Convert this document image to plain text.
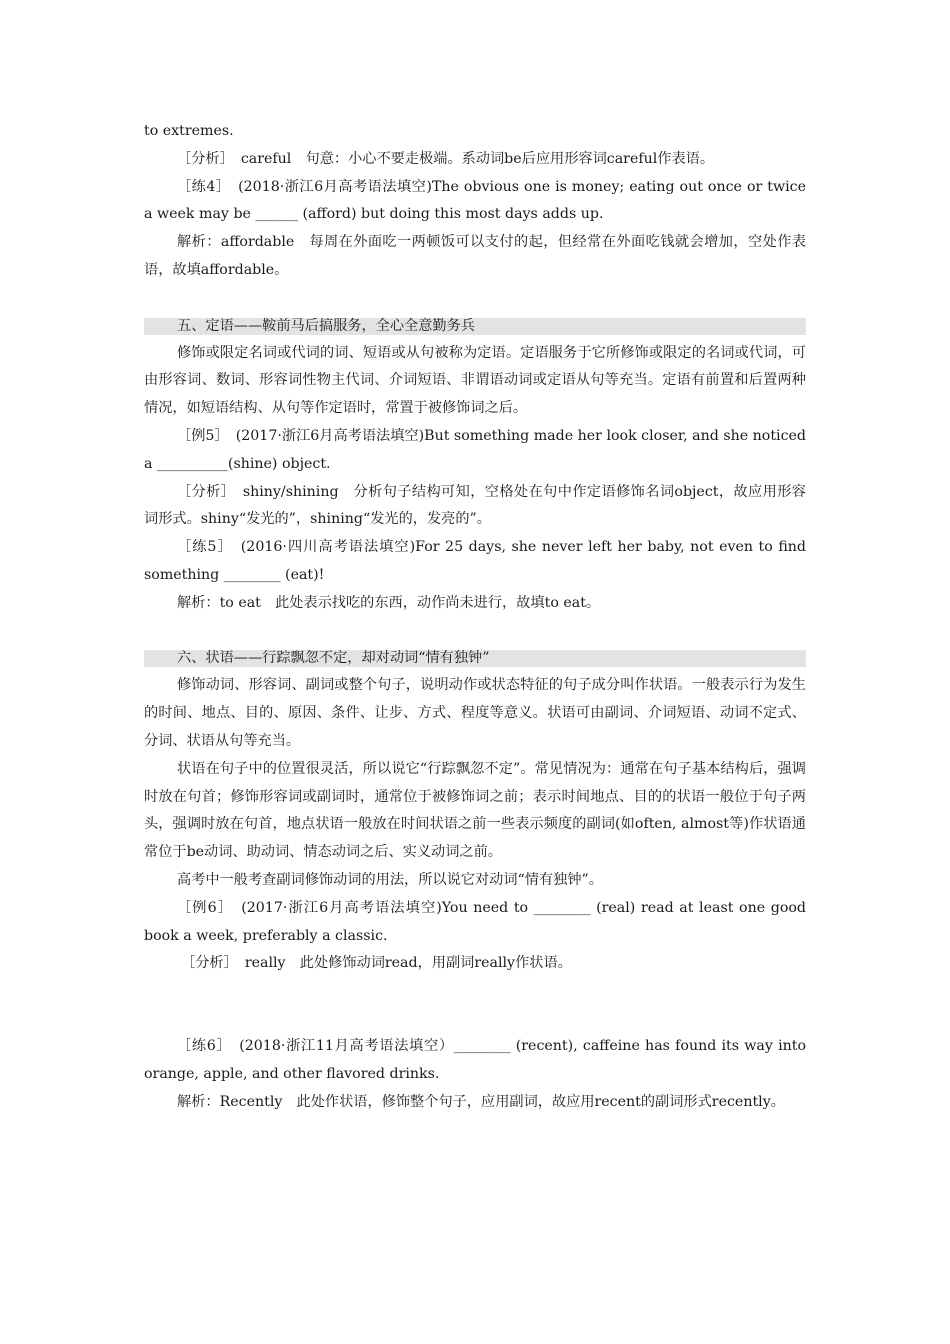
to extremes.

［分析］　careful　句意：小心不要走极端。系动词be后应用形容词careful作表语。

［练4］　(2018·浙江6月高考语法填空)The obvious one is money; eating out once or twice a week may be ______ (afford) but doing this most days adds up.

解析：affordable　每周在外面吃一两顿饭可以支付的起，但经常在外面吃钱就会增加，空处作表语，故填affordable。

五、定语——鞍前马后搞服务，全心全意勤务兵

修饰或限定名词或代词的词、短语或从句被称为定语。定语服务于它所修饰或限定的名词或代词，可由形容词、数词、形容词性物主代词、介词短语、非谓语动词或定语从句等充当。定语有前置和后置两种情况，如短语结构、从句等作定语时，常置于被修饰词之后。

［例5］　(2017·浙江6月高考语法填空)But something made her look closer, and she noticed a __________(shine) object.

［分析］　shiny/shining　分析句子结构可知，空格处在句中作定语修饰名词object，故应用形容词形式。shiny“发光的”，shining“发光的，发亮的”。

［练5］　(2016·四川高考语法填空)For 25 days, she never left her baby, not even to find something ________ (eat)!

解析：to eat　此处表示找吃的东西，动作尚未进行，故填to eat。

六、状语——行踪飘忽不定，却对动词“情有独钟”

修饰动词、形容词、副词或整个句子，说明动作或状态特征的句子成分叫作状语。一般表示行为发生的时间、地点、目的、原因、条件、让步、方式、程度等意义。状语可由副词、介词短语、动词不定式、分词、状语从句等充当。

状语在句子中的位置很灵活，所以说它“行踪飘忽不定”。常见情况为：通常在句子基本结构后，强调时放在句首；修饰形容词或副词时，通常位于被修饰词之前；表示时间地点、目的的状语一般位于句子两头，强调时放在句首，地点状语一般放在时间状语之前一些表示频度的副词(如often, almost等)作状语通常位于be动词、助动词、情态动词之后、实义动词之前。

高考中一般考查副词修饰动词的用法，所以说它对动词“情有独钟”。

［例6］　(2017·浙江6月高考语法填空)You need to ________ (real) read at least one good book a week, preferably a classic.

［分析］　really　此处修饰动词read，用副词really作状语。

［练6］　(2018·浙江11月高考语法填空）________ (recent), caffeine has found its way into orange, apple, and other flavored drinks.

解析：Recently　此处作状语，修饰整个句子，应用副词，故应用recent的副词形式recently。
